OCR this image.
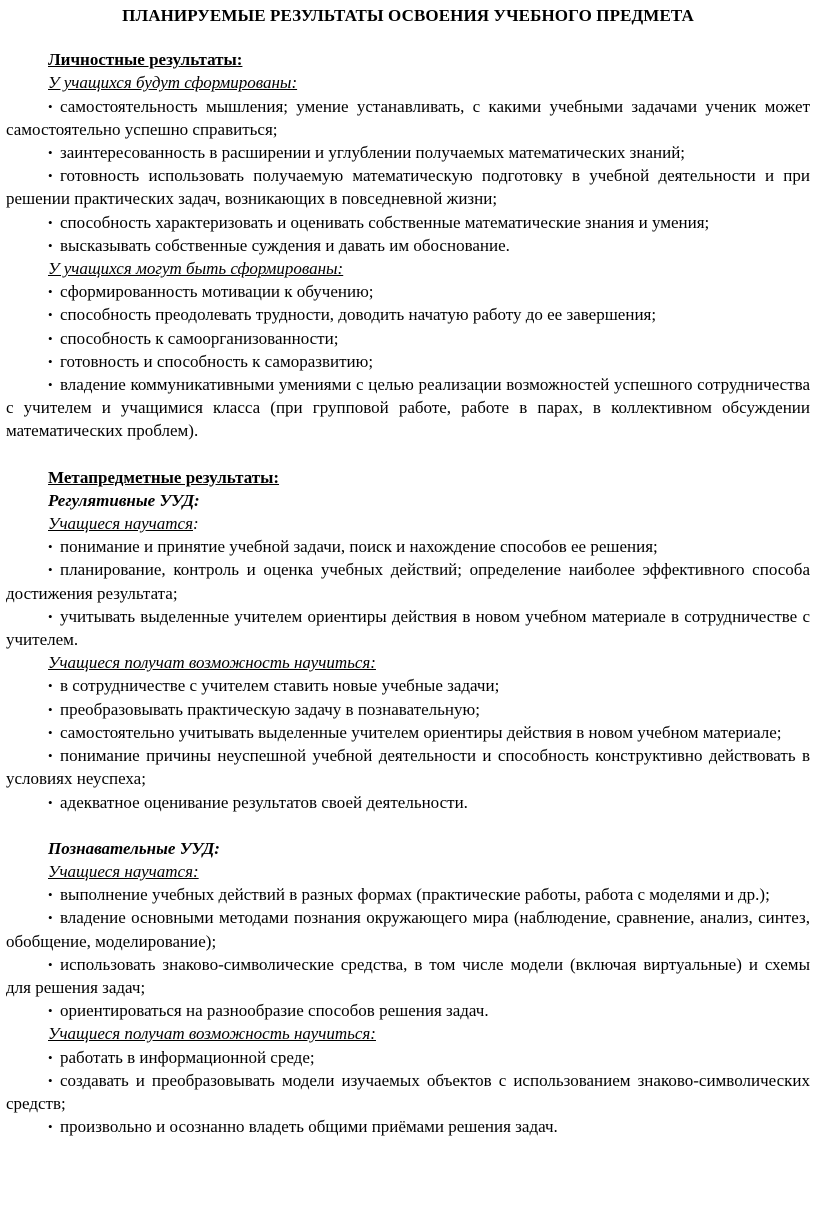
ПЛАНИРУЕМЫЕ РЕЗУЛЬТАТЫ ОСВОЕНИЯ УЧЕБНОГО ПРЕДМЕТА
Личностные результаты:
У учащихся будут сформированы:
• самостоятельность мышления; умение устанавливать, с какими учебными задачами ученик может самостоятельно успешно справиться;
• заинтересованность в расширении и углублении получаемых математических знаний;
• готовность использовать получаемую математическую подготовку в учебной деятельности и при решении практических задач, возникающих в повседневной жизни;
• способность характеризовать и оценивать собственные математические знания и умения;
• высказывать собственные суждения и давать им обоснование.
У учащихся могут быть сформированы:
• сформированность мотивации к обучению;
• способность преодолевать трудности, доводить начатую работу до ее завершения;
• способность к самоорганизованности;
• готовность и способность к саморазвитию;
• владение коммуникативными умениями с целью реализации возможностей успешного сотрудничества с учителем и учащимися класса (при групповой работе, работе в парах, в коллективном обсуждении математических проблем).
Метапредметные результаты:
Регулятивные УУД:
Учащиеся научатся:
• понимание и принятие учебной задачи, поиск и нахождение способов ее решения;
• планирование, контроль и оценка учебных действий; определение наиболее эффективного способа достижения результата;
• учитывать выделенные учителем ориентиры действия в новом учебном материале в сотрудничестве с учителем.
Учащиеся получат возможность научиться:
• в сотрудничестве с учителем ставить новые учебные задачи;
• преобразовывать практическую задачу в познавательную;
• самостоятельно учитывать выделенные учителем ориентиры действия в новом учебном материале;
• понимание причины неуспешной учебной деятельности и способность конструктивно действовать в условиях неуспеха;
• адекватное оценивание результатов своей деятельности.
Познавательные УУД:
Учащиеся научатся:
• выполнение учебных действий в разных формах (практические работы, работа с моделями и др.);
• владение основными методами познания окружающего мира (наблюдение, сравнение, анализ, синтез, обобщение, моделирование);
• использовать знаково-символические средства, в том числе модели (включая виртуальные) и схемы для решения задач;
• ориентироваться на разнообразие способов решения задач.
Учащиеся получат возможность научиться:
• работать в информационной среде;
• создавать и преобразовывать модели изучаемых объектов с использованием знаково-символических средств;
• произвольно и осознанно владеть общими приёмами решения задач.
